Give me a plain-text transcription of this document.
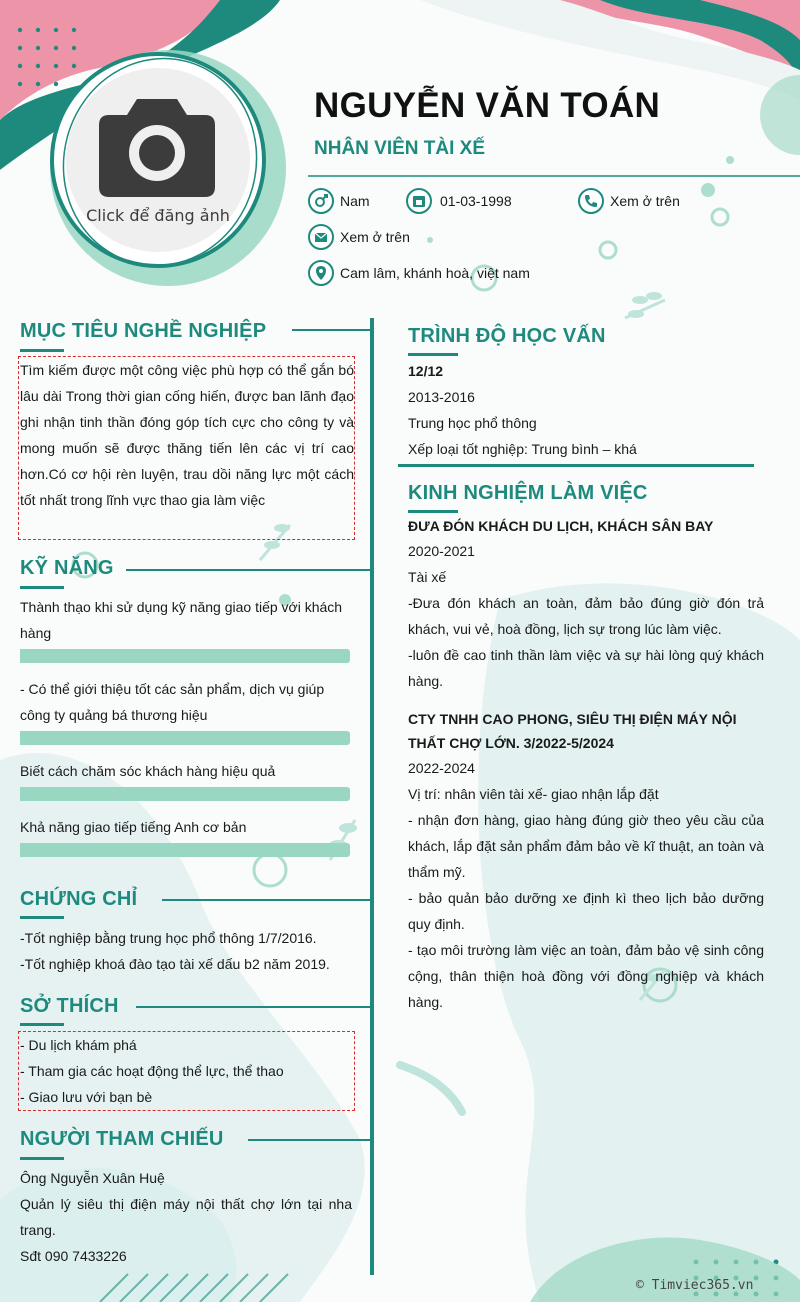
Click để đăng ảnh
NGUYỄN VĂN TOÁN
NHÂN VIÊN TÀI XẾ
Nam	01-03-1998	Xem ở trên
Xem ở trên
Cam lâm, khánh hoà, việt nam
MỤC TIÊU NGHỀ NGHIỆP
Tìm kiếm được một công việc phù hợp có thể gắn bó lâu dài Trong thời gian cống hiến, được ban lãnh đạo ghi nhận tinh thần đóng góp tích cực cho công ty và mong muốn sẽ được thăng tiến lên các vị trí cao hơn.Có cơ hội rèn luyện, trau dồi năng lực một cách tốt nhất trong lĩnh vực thao gia làm việc
KỸ NĂNG
Thành thạo khi sử dụng kỹ năng giao tiếp với khách hàng
- Có thể giới thiệu tốt các sản phẩm, dịch vụ giúp công ty quảng bá thương hiệu
Biết cách chăm sóc khách hàng hiệu quả
Khả năng giao tiếp tiếng Anh cơ bản
CHỨNG CHỈ

-Tốt nghiệp bằng trung học phổ thông 1/7/2016.

-Tốt nghiệp khoá đào tạo tài xế dấu b2 năm 2019.

SỞ THÍCH

- Du lịch khám phá

- Tham gia các hoạt động thể lực, thể thao

- Giao lưu với bạn bè

NGƯỜI THAM CHIẾU

Ông Nguyễn Xuân Huệ

Quản lý siêu thị điện máy nội thất chợ lớn tại nha trang.

Sđt 090 7433226

TRÌNH ĐỘ HỌC VẤN

12/12

2013-2016

Trung học phổ thông

Xếp loại tốt nghiệp: Trung bình – khá

KINH NGHIỆM LÀM VIỆC

ĐƯA ĐÓN KHÁCH DU LỊCH, KHÁCH SÂN BAY

2020-2021

Tài xế

-Đưa đón khách an toàn, đảm bảo đúng giờ đón trả khách, vui vẻ, hoà đồng, lịch sự trong lúc làm việc.

-luôn đề cao tinh thần làm việc và sự hài lòng quý khách hàng.

CTY TNHH CAO PHONG, SIÊU THỊ ĐIỆN MÁY NỘI THẤT CHỢ LỚN. 3/2022-5/2024

2022-2024

Vị trí: nhân viên tài xế- giao nhận lắp đặt

- nhận đơn hàng, giao hàng đúng giờ theo yêu cầu của khách, lắp đặt sản phẩm đảm bảo về kĩ thuật, an toàn và thẩm mỹ.

- bảo quản bảo dưỡng xe định kì theo lịch bảo dưỡng quy định.

- tạo môi trường làm việc an toàn, đảm bảo vệ sinh công cộng, thân thiện hoà đồng với đồng nghiệp và khách hàng.

© Timviec365.vn
